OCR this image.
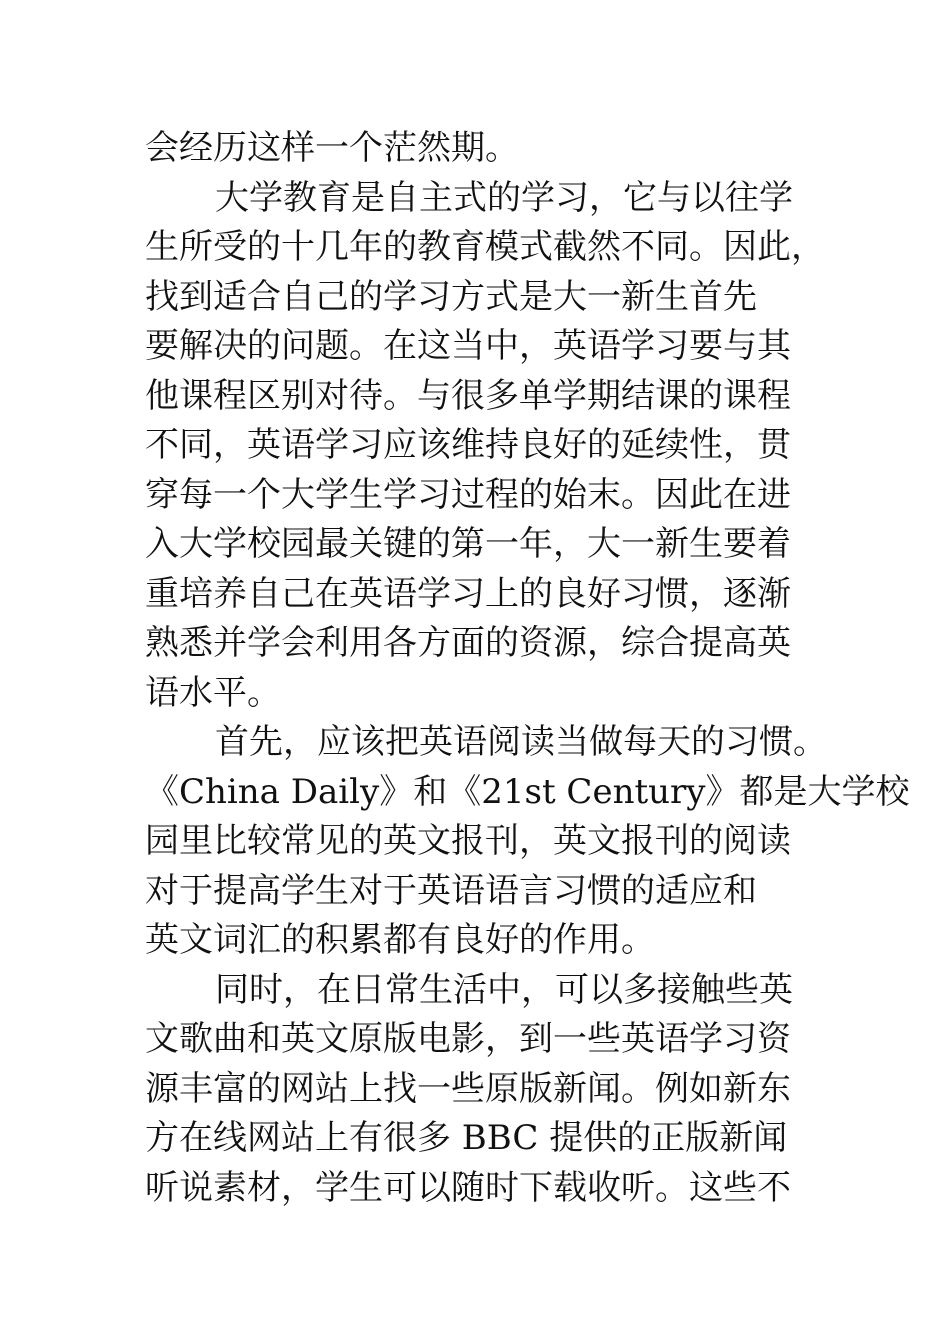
会经历这样一个茫然期。
大学教育是自主式的学习，它与以往学
生所受的十几年的教育模式截然不同。因此，
找到适合自己的学习方式是大一新生首先
要解决的问题。在这当中，英语学习要与其
他课程区别对待。与很多单学期结课的课程
不同，英语学习应该维持良好的延续性，贯
穿每一个大学生学习过程的始末。因此在进
入大学校园最关键的第一年，大一新生要着
重培养自己在英语学习上的良好习惯，逐渐
熟悉并学会利用各方面的资源，综合提高英
语水平。
首先，应该把英语阅读当做每天的习惯。
《China Daily》和《21st Century》都是大学校
园里比较常见的英文报刊，英文报刊的阅读
对于提高学生对于英语语言习惯的适应和
英文词汇的积累都有良好的作用。
同时，在日常生活中，可以多接触些英
文歌曲和英文原版电影，到一些英语学习资
源丰富的网站上找一些原版新闻。例如新东
方在线网站上有很多 BBC 提供的正版新闻
听说素材，学生可以随时下载收听。这些不
